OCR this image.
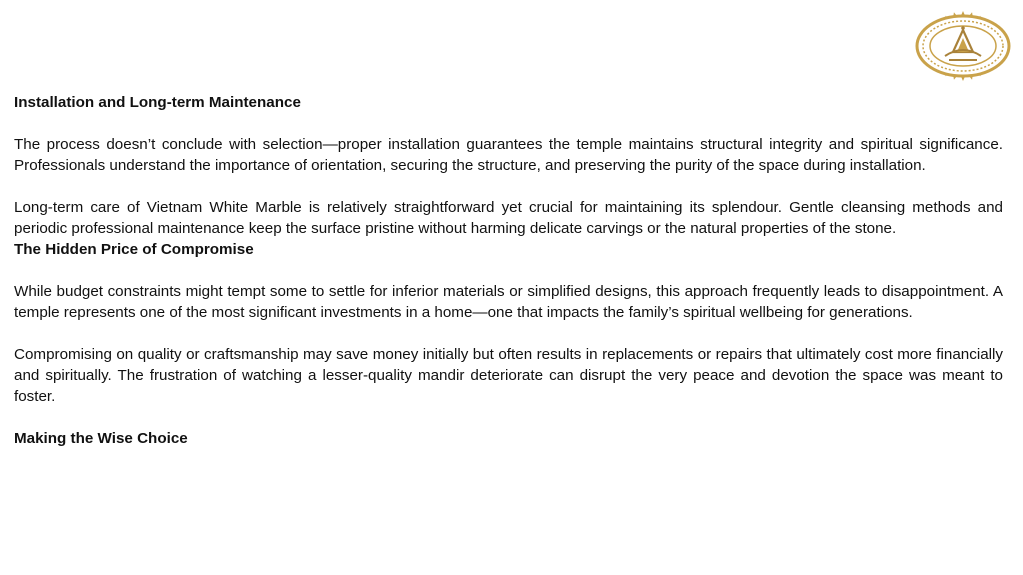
Installation and Long-term Maintenance

The process doesn’t conclude with selection—proper installation guarantees the temple maintains structural integrity and spiritual significance. Professionals understand the importance of orientation, securing the structure, and preserving the purity of the space during installation.

Long-term care of Vietnam White Marble is relatively straightforward yet crucial for maintaining its splendour. Gentle cleansing methods and periodic professional maintenance keep the surface pristine without harming delicate carvings or the natural properties of the stone.

The Hidden Price of Compromise

While budget constraints might tempt some to settle for inferior materials or simplified designs, this approach frequently leads to disappointment. A temple represents one of the most significant investments in a home—one that impacts the family’s spiritual wellbeing for generations.

Compromising on quality or craftsmanship may save money initially but often results in replacements or repairs that ultimately cost more financially and spiritually. The frustration of watching a lesser-quality mandir deteriorate can disrupt the very peace and devotion the space was meant to foster.

Making the Wise Choice
